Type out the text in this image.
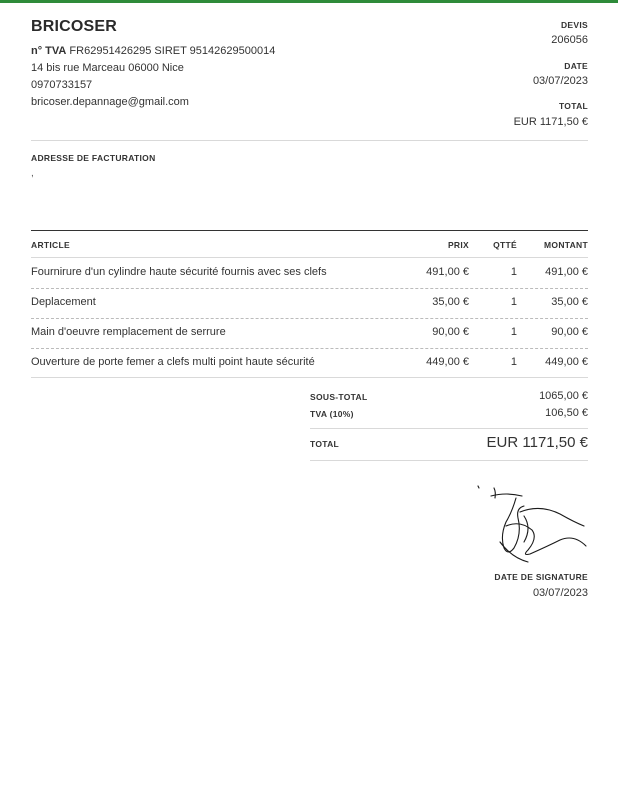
BRICOSER
n° TVA FR62951426295 SIRET 95142629500014
14 bis rue Marceau 06000 Nice
0970733157
bricoser.depannage@gmail.com
DEVIS
206056
DATE
03/07/2023
TOTAL
EUR 1171,50 €
ADRESSE DE FACTURATION
,
ARTICLE	PRIX	QTTÉ	MONTANT
Fournirure d'un cylindre haute sécurité fournis avec ses clefs	491,00 €	1	491,00 €
Deplacement	35,00 €	1	35,00 €
Main d'oeuvre remplacement de serrure	90,00 €	1	90,00 €
Ouverture de porte femer a clefs multi point haute sécurité	449,00 €	1	449,00 €
SOUS-TOTAL	1065,00 €
TVA (10%)	106,50 €
TOTAL	EUR 1171,50 €
DATE DE SIGNATURE
03/07/2023
